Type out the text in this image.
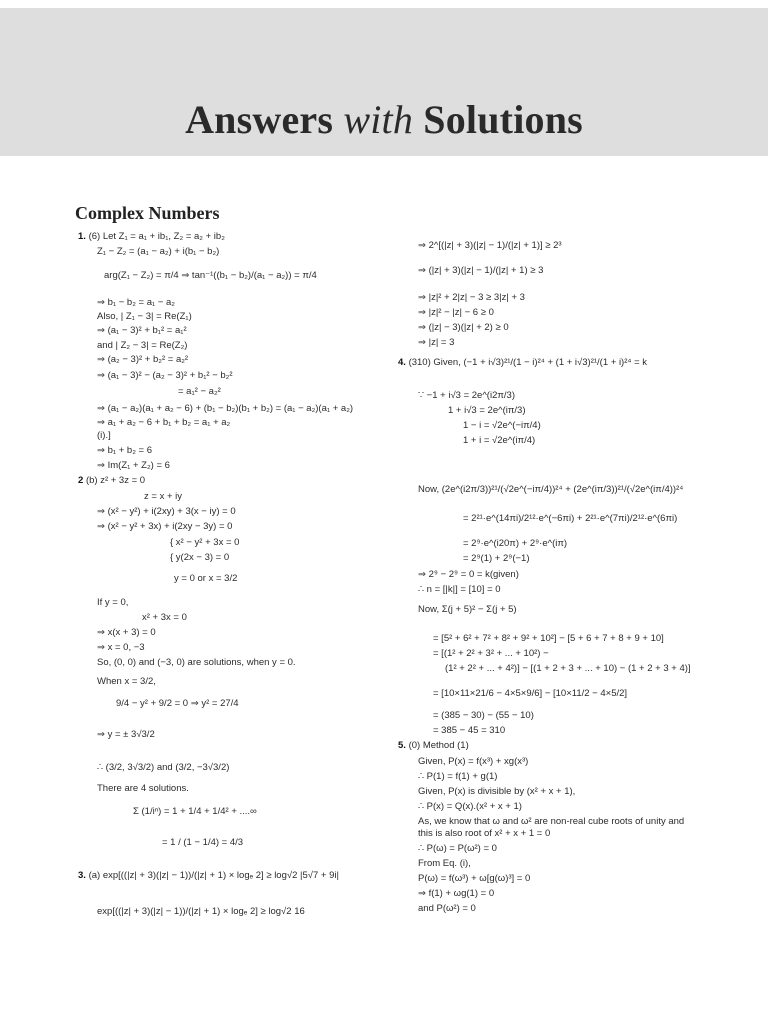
Answers with Solutions
Complex Numbers
1. (6) Let Z₁ = a₁ + ib₁, Z₂ = a₂ + ib₂
Z₁ − Z₂ = (a₁ − a₂) + i(b₁ − b₂)
arg(Z₁ − Z₂) = π/4 ⇒ tan⁻¹((b₁ − b₂)/(a₁ − a₂)) = π/4
⇒ b₁ − b₂ = a₁ − a₂
Also, | Z₁ − 3| = Re(Z₁)
⇒ (a₁ − 3)² + b₁² = a₁²
and | Z₂ − 3| = Re(Z₂)
⇒ (a₂ − 3)² + b₂² = a₂²
⇒ (a₁ − 3)² − (a₂ − 3)² + b₁² − b₂²
= a₁² − a₂²
⇒ (a₁ − a₂)(a₁ + a₂ − 6) + (b₁ − b₂)(b₁ + b₂) = (a₁ − a₂)(a₁ + a₂)
⇒ a₁ + a₂ − 6 + b₁ + b₂ = a₁ + a₂
(i).]
⇒ b₁ + b₂ = 6
⇒ Im(Z₁ + Z₂) = 6
2 (b) z² + 3z = 0
z = x + iy
⇒ (x² − y²) + i(2xy) + 3(x − iy) = 0
⇒ (x² − y² + 3x) + i(2xy − 3y) = 0
{ x² − y² + 3x = 0
{ y(2x − 3) = 0
y = 0 or x = 3/2
If y = 0,
x² + 3x = 0
⇒ x(x + 3) = 0
⇒ x = 0, −3
So, (0, 0) and (−3, 0) are solutions, when y = 0.
When x = 3/2,
9/4 − y² + 9/2 = 0 ⇒ y² = 27/4
⇒ y = ± 3√3/2
∴ (3/2, 3√3/2) and (3/2, −3√3/2)
There are 4 solutions.
Σ (1/iⁿ) = 1 + 1/4 + 1/4² + ....∞
= 1 / (1 − 1/4) = 4/3
3. (a) exp[((|z| + 3)(|z| − 1))/(|z| + 1) × logₑ 2] ≥ log√2 |5√7 + 9i|
exp[((|z| + 3)(|z| − 1))/(|z| + 1) × logₑ 2] ≥ log√2 16
⇒ 2^[(|z| + 3)(|z| − 1)/(|z| + 1)] ≥ 2³
⇒ (|z| + 3)(|z| − 1)/(|z| + 1) ≥ 3
⇒ |z|² + 2|z| − 3 ≥ 3|z| + 3
⇒ |z|² − |z| − 6 ≥ 0
⇒ (|z| − 3)(|z| + 2) ≥ 0
⇒ |z| = 3
4. (310) Given, (−1 + i√3)²¹/(1 − i)²⁴ + (1 + i√3)²¹/(1 + i)²⁴ = k
∵ −1 + i√3 = 2e^(i2π/3)
1 + i√3 = 2e^(iπ/3)
1 − i = √2e^(−iπ/4)
1 + i = √2e^(iπ/4)
Now, (2e^(i2π/3))²¹/(√2e^(−iπ/4))²⁴ + (2e^(iπ/3))²¹/(√2e^(iπ/4))²⁴
= 2²¹·e^(14πi)/2¹²·e^(−6πi) + 2²¹·e^(7πi)/2¹²·e^(6πi)
= 2⁹·e^(i20π) + 2⁹·e^(iπ)
= 2⁹(1) + 2⁹(−1)
⇒ 2⁹ − 2⁹ = 0 = k(given)
∴ n = [|k|] = [10] = 0
Now, Σ(j + 5)² − Σ(j + 5)
= [5² + 6² + 7² + 8² + 9² + 10²] − [5 + 6 + 7 + 8 + 9 + 10]
= [(1² + 2² + 3² + ... + 10²) −
(1² + 2² + ... + 4²)] − [(1 + 2 + 3 + ... + 10) − (1 + 2 + 3 + 4)]
= [10×11×21/6 − 4×5×9/6] − [10×11/2 − 4×5/2]
= (385 − 30) − (55 − 10)
= 385 − 45 = 310
5. (0) Method (1)
Given, P(x) = f(x³) + xg(x³)
∴ P(1) = f(1) + g(1)
Given, P(x) is divisible by (x² + x + 1),
∴ P(x) = Q(x).(x² + x + 1)
As, we know that ω and ω² are non-real cube roots of unity and
this is also root of x² + x + 1 = 0
∴ P(ω) = P(ω²) = 0
From Eq. (i),
P(ω) = f(ω³) + ω[g(ω)³] = 0
⇒ f(1) + ωg(1) = 0
and P(ω²) = 0
